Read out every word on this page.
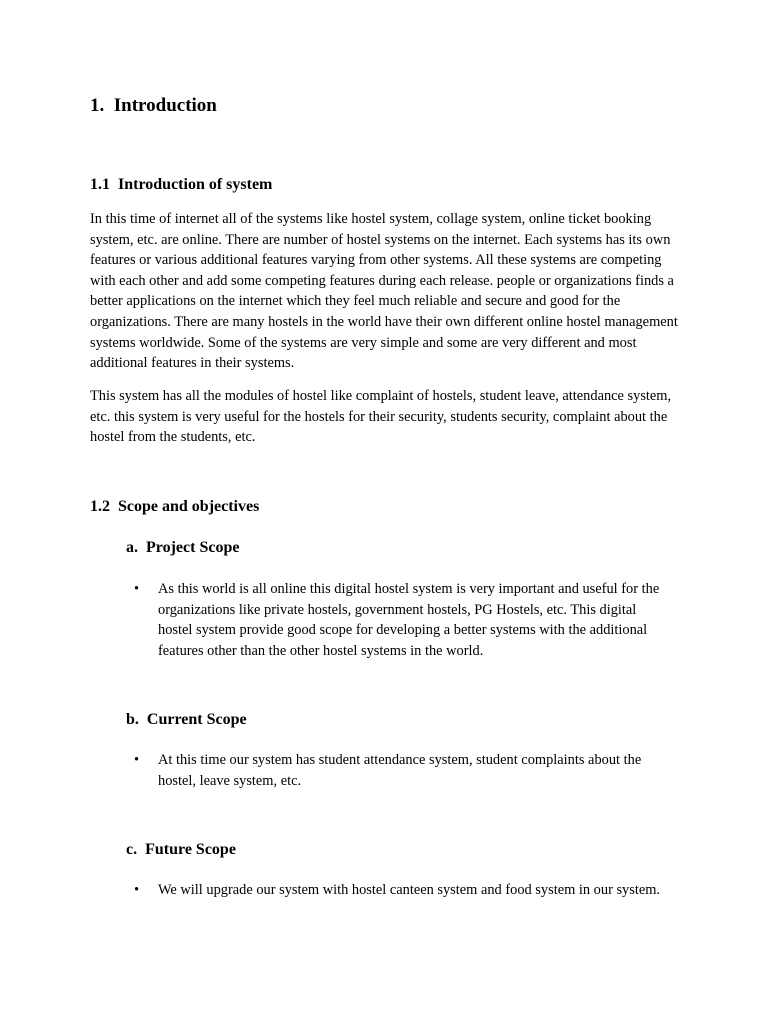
1. Introduction
1.1 Introduction of system

In this time of internet all of the systems like hostel system, collage system, online ticket booking system, etc. are online. There are number of hostel systems on the internet. Each systems has its own features or various additional features varying from other systems. All these systems are competing with each other and add some competing features during each release. people or organizations finds a better applications on the internet which they feel much reliable and secure and good for the organizations. There are many hostels in the world have their own different online hostel management systems worldwide. Some of the systems are very simple and some are very different and most additional features in their systems.

This system has all the modules of hostel like complaint of hostels, student leave, attendance system, etc. this system is very useful for the hostels for their security, students security, complaint about the hostel from the students, etc.

1.2 Scope and objectives
a. Project Scope
•	As this world is all online this digital hostel system is very important and useful for the organizations like private hostels, government hostels, PG Hostels, etc. This digital hostel system provide good scope for developing a better systems with the additional features other than the other hostel systems in the world.
b. Current Scope
•	At this time our system has student attendance system, student complaints about the hostel, leave system, etc.
c. Future Scope
•	We will upgrade our system with hostel canteen system and food system in our system.
